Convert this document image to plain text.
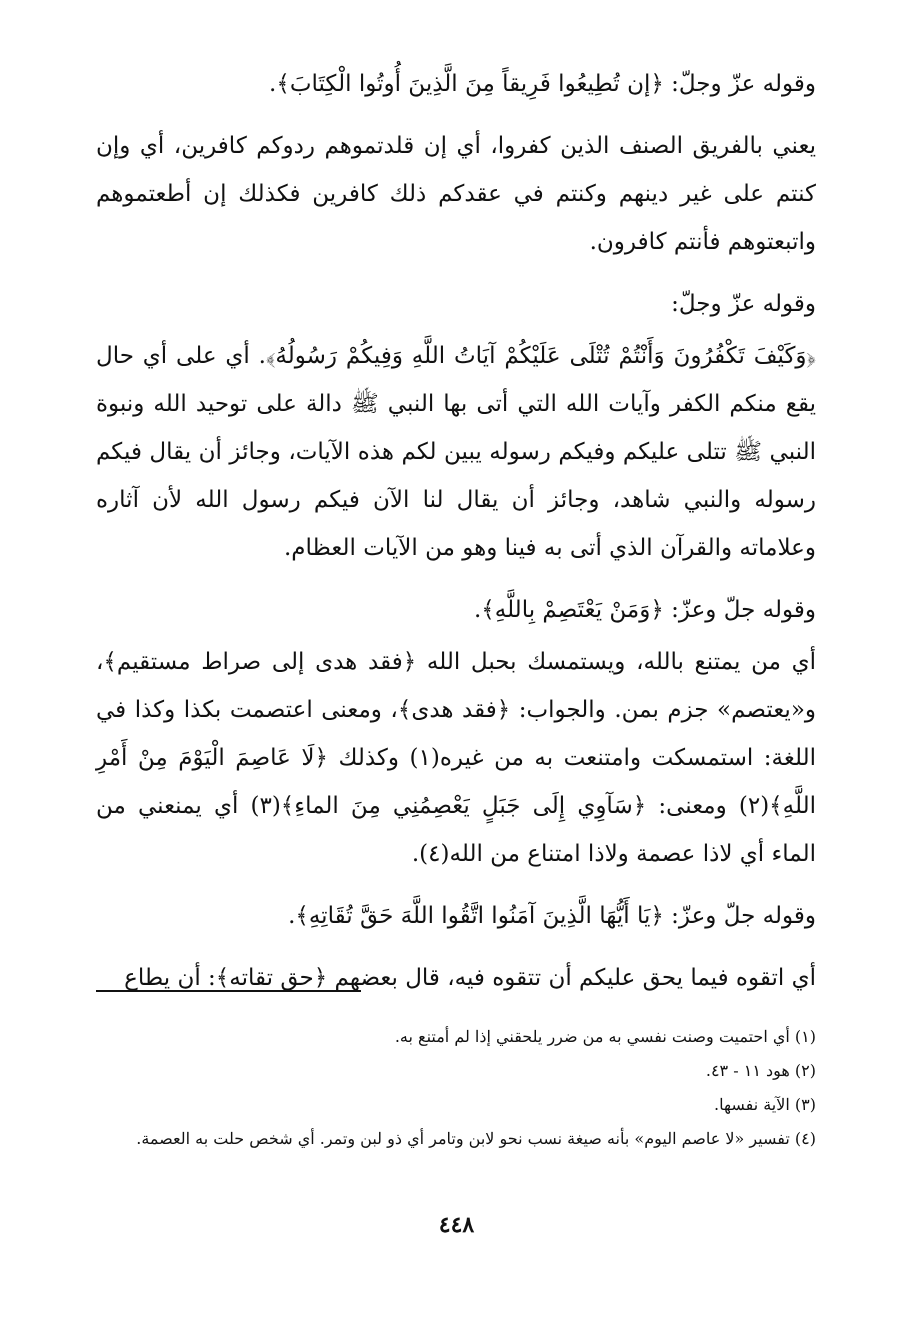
وقوله عزّ وجلّ: ﴿إن تُطِيعُوا فَرِيقاً مِنَ الَّذِينَ أُوتُوا الْكِتَابَ﴾.

يعني بالفريق الصنف الذين كفروا، أي إن قلدتموهم ردوكم كافرين، أي وإن كنتم على غير دينهم وكنتم في عقدكم ذلك كافرين فكذلك إن أطعتموهم واتبعتوهم فأنتم كافرون.

وقوله عزّ وجلّ:

﴿وَكَيْفَ تَكْفُرُونَ وَأَنْتُمْ تُتْلَى عَلَيْكُمْ آيَاتُ اللَّهِ وَفِيكُمْ رَسُولُهُ﴾. أي على أي حال يقع منكم الكفر وآيات الله التي أتى بها النبي ﷺ دالة على توحيد الله ونبوة النبي ﷺ تتلى عليكم وفيكم رسوله يبين لكم هذه الآيات، وجائز أن يقال فيكم رسوله والنبي شاهد، وجائز أن يقال لنا الآن فيكم رسول الله لأن آثاره وعلاماته والقرآن الذي أتى به فينا وهو من الآيات العظام.

وقوله جلّ وعزّ: ﴿وَمَنْ يَعْتَصِمْ بِاللَّهِ﴾.

أي من يمتنع بالله، ويستمسك بحبل الله ﴿فقد هدى إلى صراط مستقيم﴾، و«يعتصم» جزم بمن. والجواب: ﴿فقد هدى﴾، ومعنى اعتصمت بكذا وكذا في اللغة: استمسكت وامتنعت به من غيره(١) وكذلك ﴿لَا عَاصِمَ الْيَوْمَ مِنْ أَمْرِ اللَّهِ﴾(٢) ومعنى: ﴿سَآوِي إِلَى جَبَلٍ يَعْصِمُنِي مِنَ الماءِ﴾(٣) أي يمنعني من الماء أي لاذا عصمة ولاذا امتناع من الله(٤).

وقوله جلّ وعزّ: ﴿يَا أَيُّهَا الَّذِينَ آمَنُوا اتَّقُوا اللَّهَ حَقَّ تُقَاتِهِ﴾.

أي اتقوه فيما يحق عليكم أن تتقوه فيه، قال بعضهم ﴿حق تقاته﴾: أن يطاع

(١) أي احتميت وصنت نفسي به من ضرر يلحقني إذا لم أمتنع به.

(٢) هود ١١ - ٤٣.

(٣) الآية نفسها.

(٤) تفسير «لا عاصم اليوم» بأنه صيغة نسب نحو لابن وتامر أي ذو لبن وتمر. أي شخص حلت به العصمة.

٤٤٨
